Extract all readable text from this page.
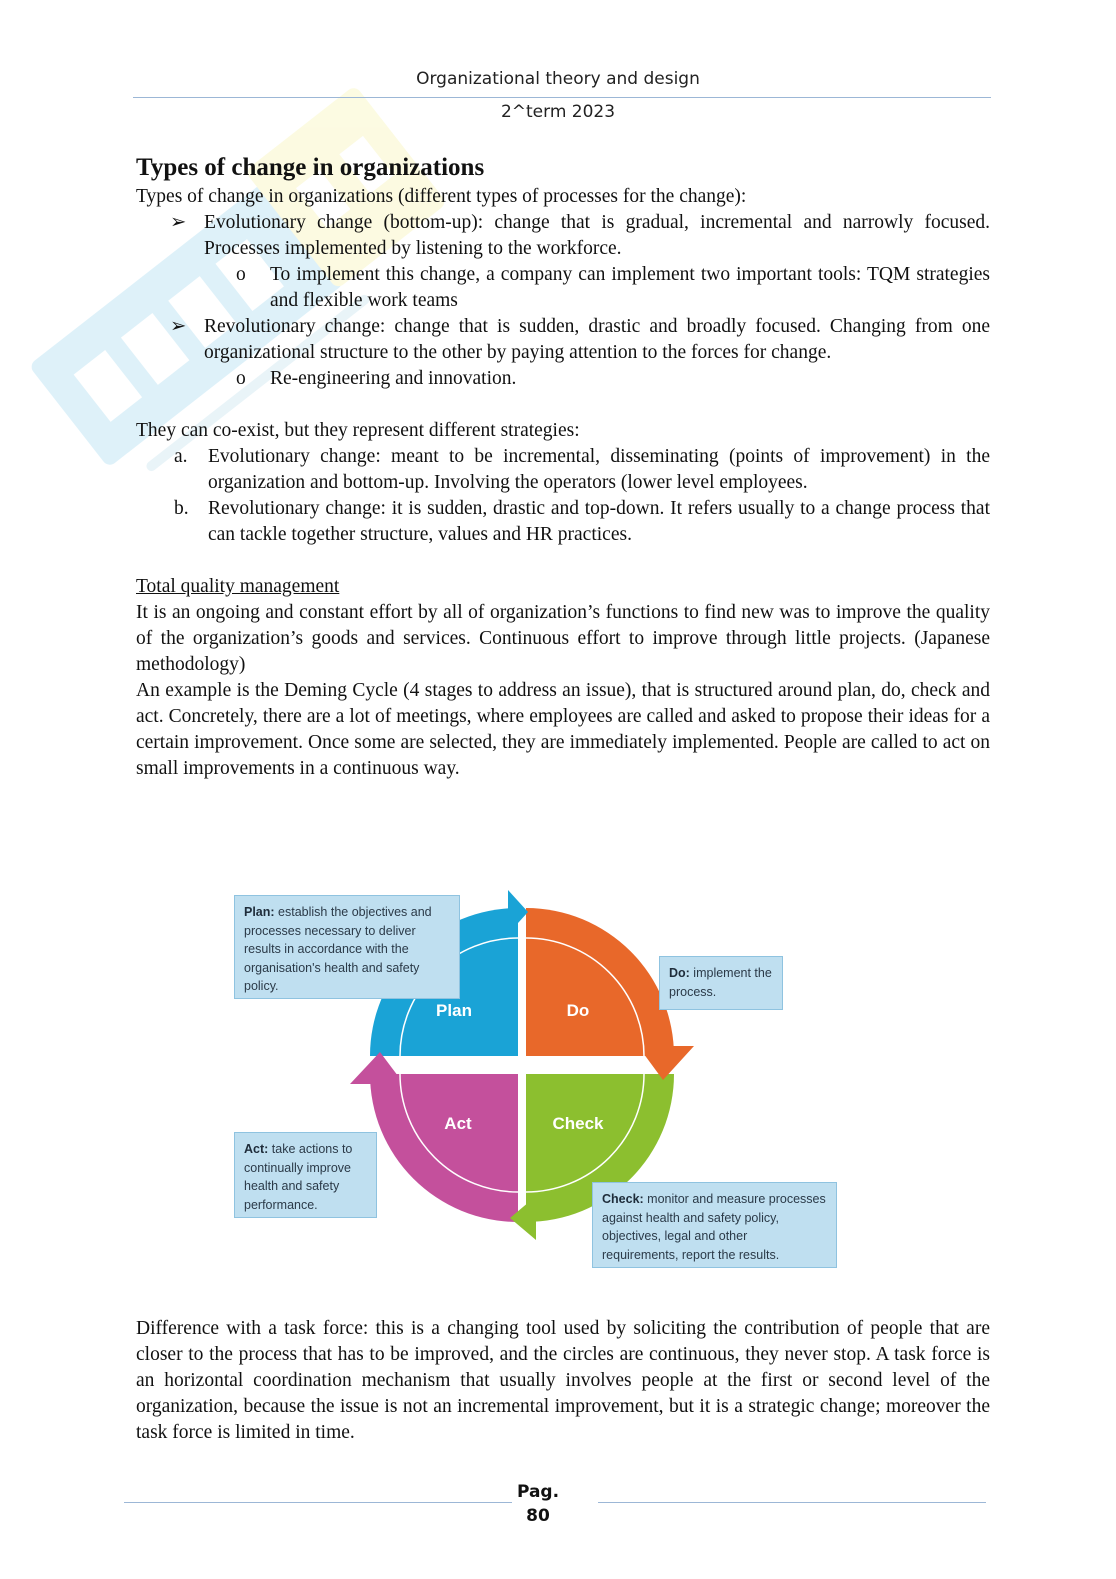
Organizational theory and design
2^term 2023
Types of change in organizations

Types of change in organizations (different types of processes for the change):

➢ Evolutionary change (bottom-up): change that is gradual, incremental and narrowly focused. Processes implemented by listening to the workforce.
o	To implement this change, a company can implement two important tools: TQM strategies and flexible work teams
➢ Revolutionary change: change that is sudden, drastic and broadly focused. Changing from one organizational structure to the other by paying attention to the forces for change.
o	Re-engineering and innovation.

They can co-exist, but they represent different strategies:

a.	Evolutionary change: meant to be incremental, disseminating (points of improvement) in the organization and bottom-up. Involving the operators (lower level employees.
b. Revolutionary change: it is sudden, drastic and top-down. It refers usually to a change process that can tackle together structure, values and HR practices.

Total quality management

It is an ongoing and constant effort by all of organization’s functions to find new was to improve the quality of the organization’s goods and services. Continuous effort to improve through little projects. (Japanese methodology)

An example is the Deming Cycle (4 stages to address an issue), that is structured around plan, do, check and act. Concretely, there are a lot of meetings, where employees are called and asked to propose their ideas for a certain improvement. Once some are selected, they are immediately implemented. People are called to act on small improvements in a continuous way.

Plan	Do
Check
Act
Plan: establish the objectives and processes necessary to deliver results in accordance with the organisation's health and safety policy.
Do: implement the process.
Act: take actions to continually improve health and safety performance.	Check: monitor and measure processes against health and safety policy, objectives, legal and other requirements, report the results.

Difference with a task force: this is a changing tool used by soliciting the contribution of people that are closer to the process that has to be improved, and the circles are continuous, they never stop. A task force is an horizontal coordination mechanism that usually involves people at the first or second level of the organization, because the issue is not an incremental improvement, but it is a strategic change; moreover the task force is limited in time.

Pag.
80
